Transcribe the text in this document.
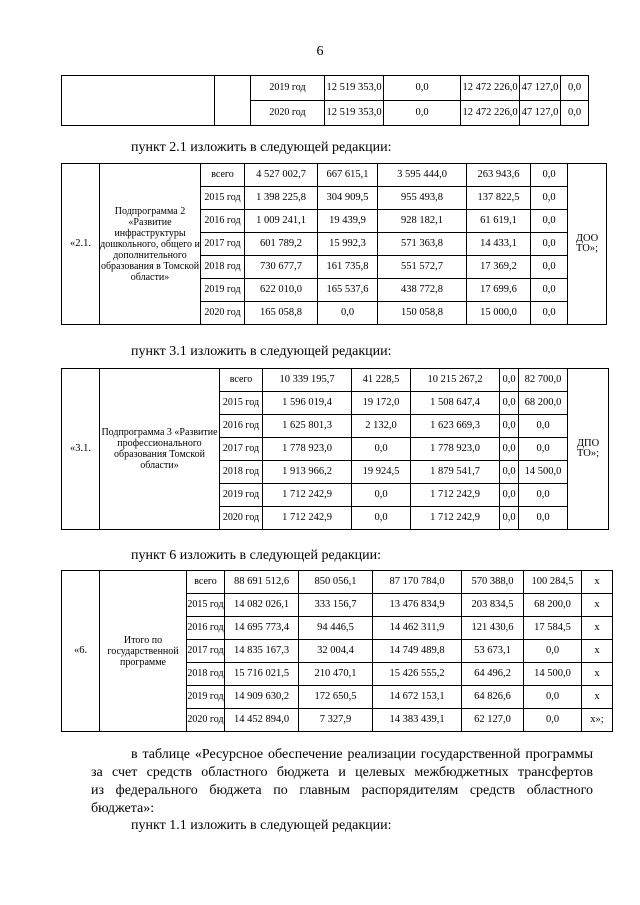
6
		2019 год	12 519 353,0	0,0	12 472 226,0	47 127,0	0,0	
		2020 год	12 519 353,0	0,0	12 472 226,0	47 127,0	0,0	
пункт 2.1 изложить в следующей редакции:
«2.1.	Подпрограмма 2 «Развитие инфраструктуры дошкольного, общего и дополнительного образования в Томской области»	всего	4 527 002,7	667 615,1	3 595 444,0	263 943,6	0,0	ДОО ТО»;
		2015 год	1 398 225,8	304 909,5	955 493,8	137 822,5	0,0	
		2016 год	1 009 241,1	19 439,9	928 182,1	61 619,1	0,0	
		2017 год	601 789,2	15 992,3	571 363,8	14 433,1	0,0	
		2018 год	730 677,7	161 735,8	551 572,7	17 369,2	0,0	
		2019 год	622 010,0	165 537,6	438 772,8	17 699,6	0,0	
		2020 год	165 058,8	0,0	150 058,8	15 000,0	0,0	
пункт 3.1 изложить в следующей редакции:
«3.1.	Подпрограмма 3 «Развитие профессионального образования Томской области»	всего	10 339 195,7	41 228,5	10 215 267,2	0,0	82 700,0	ДПО ТО»;
		2015 год	1 596 019,4	19 172,0	1 508 647,4	0,0	68 200,0	
		2016 год	1 625 801,3	2 132,0	1 623 669,3	0,0	0,0	
		2017 год	1 778 923,0	0,0	1 778 923,0	0,0	0,0	
		2018 год	1 913 966,2	19 924,5	1 879 541,7	0,0	14 500,0	
		2019 год	1 712 242,9	0,0	1 712 242,9	0,0	0,0	
		2020 год	1 712 242,9	0,0	1 712 242,9	0,0	0,0	
пункт 6 изложить в следующей редакции:
«6.	Итого по государственной программе	всего	88 691 512,6	850 056,1	87 170 784,0	570 388,0	100 284,5	х
		2015 год	14 082 026,1	333 156,7	13 476 834,9	203 834,5	68 200,0	х
		2016 год	14 695 773,4	94 446,5	14 462 311,9	121 430,6	17 584,5	х
		2017 год	14 835 167,3	32 004,4	14 749 489,8	53 673,1	0,0	х
		2018 год	15 716 021,5	210 470,1	15 426 555,2	64 496,2	14 500,0	х
		2019 год	14 909 630,2	172 650,5	14 672 153,1	64 826,6	0,0	х
		2020 год	14 452 894,0	7 327,9	14 383 439,1	62 127,0	0,0	х»;
в таблице «Ресурсное обеспечение реализации государственной программы
за счет средств областного бюджета и целевых межбюджетных трансфертов
из федерального бюджета по главным распорядителям средств областного
бюджета»:
пункт 1.1 изложить в следующей редакции:
